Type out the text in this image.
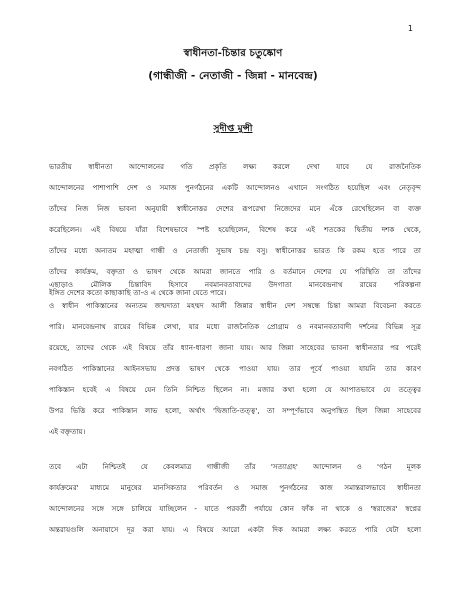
1
স্বাধীনতা-চিন্তার চতুষ্কোণ
(গান্ধীজী - নেতাজী - জিন্না - মানবেন্দ্র)
সুদীপ্ত মুন্সী
ভারতীয় স্বাধীনতা আন্দোলনের গতি প্রকৃতি লক্ষ্য করলে দেখা যাবে যে রাজনৈতিক
আন্দোলনের পাশাপাশি দেশ ও সমাজ পুনর্গঠনের একটি আন্দোলনও এখানে সংগঠিত হয়েছিল এবং নেতৃবৃন্দ
তাঁদের নিজ নিজ ভাবনা অনুযায়ী স্বাধীনোত্তর দেশের রূপরেখা নিজেদের মনে এঁকে রেখেছিলেন বা ব্যক্ত
করেছিলেন। এই বিষয়ে যাঁরা বিশেষভাবে স্পষ্ট হয়েছিলেন, বিশেষ করে এই শতকের দ্বিতীয় দশক থেকে,
তাঁদের মধ্যে অন্যতম মহাত্মা গান্ধী ও নেতাজী সুভাষ চন্দ্র বসু। স্বাধীনোত্তর ভারত কি রকম হতে পারে তা
তাঁদের কার্যক্রম, বক্তৃতা ও ভাষণ থেকে আমরা জানতে পারি ও বর্তমানে দেশের যে পরিস্থিতি তা তাঁদের
ইঙ্গিত দেশের কতো কাছাকাছি তা-ও এ থেকে জানা যেতে পারে।
এছাড়াও মৌলিক চিন্তাবিদ হিসাবে নবমানবতাবাদের উদগাতা মানবেন্দ্রনাথ রায়ের পরিকল্পনা
ও স্বাধীন পাকিস্তানের অন্যতম জন্মদাতা মহম্মদ আলী জিন্নার স্বাধীন দেশ সম্বন্ধে চিন্তা আমরা বিবেচনা করতে
পারি। মানবেন্দ্রনাথ রায়ের বিভিন্ন লেখা, যার মধ্যে রাজনৈতিক প্রোগ্রাম ও নবমানবতাবাদী দর্শনের বিভিন্ন সূত্র
রয়েছে, তাদের থেকে এই বিষয়ে তাঁর ধ্যান-ধারণা জানা যায়। আর জিন্না সাহেবের ভাবনা স্বাধীনতার পর পরেই
নবগঠিত পাকিস্তানের আইনসভায় প্রদত্ত ভাষণ থেকে পাওয়া যায়। তার পূর্বে পাওয়া যায়নি তার কারণ
পাকিস্তান হবেই এ বিষয়ে যেন তিনি নিশ্চিত ছিলেন না। মজার কথা হলো যে আপাতভাবে যে তত্ত্বের
উপর ভিত্তি করে পাকিস্তান লাভ হলো, অর্থাৎ 'দ্বিজাতি-তত্ত্ব', তা সম্পূর্ণভাবে অনুপস্থিত ছিল জিন্না সাহেবের
এই বক্তৃতায়।
তবে এটা নিশ্চিতই যে কেবলমাত্র গান্ধীজী তাঁর 'সত্যাগ্রহ' আন্দোলন ও 'গঠন মূলক
কার্যক্রমের' মাধ্যমে মানুষের মানসিকতার পরিবর্তন ও সমাজ পুনর্গঠনের কাজ সমান্তরালভাবে স্বাধীনতা
আন্দোলনের সঙ্গে সঙ্গে চালিয়ে যাচ্ছিলেন - যাতে পরবর্তী পর্যায়ে কোন ফাঁক না থাকে ও 'স্বরাজের' স্বপ্নের
অন্তরায়গুলি অনায়াসে দূর করা যায়। এ বিষয়ে আরো একটা দিক আমরা লক্ষ্য করতে পারি যেটা হলো
